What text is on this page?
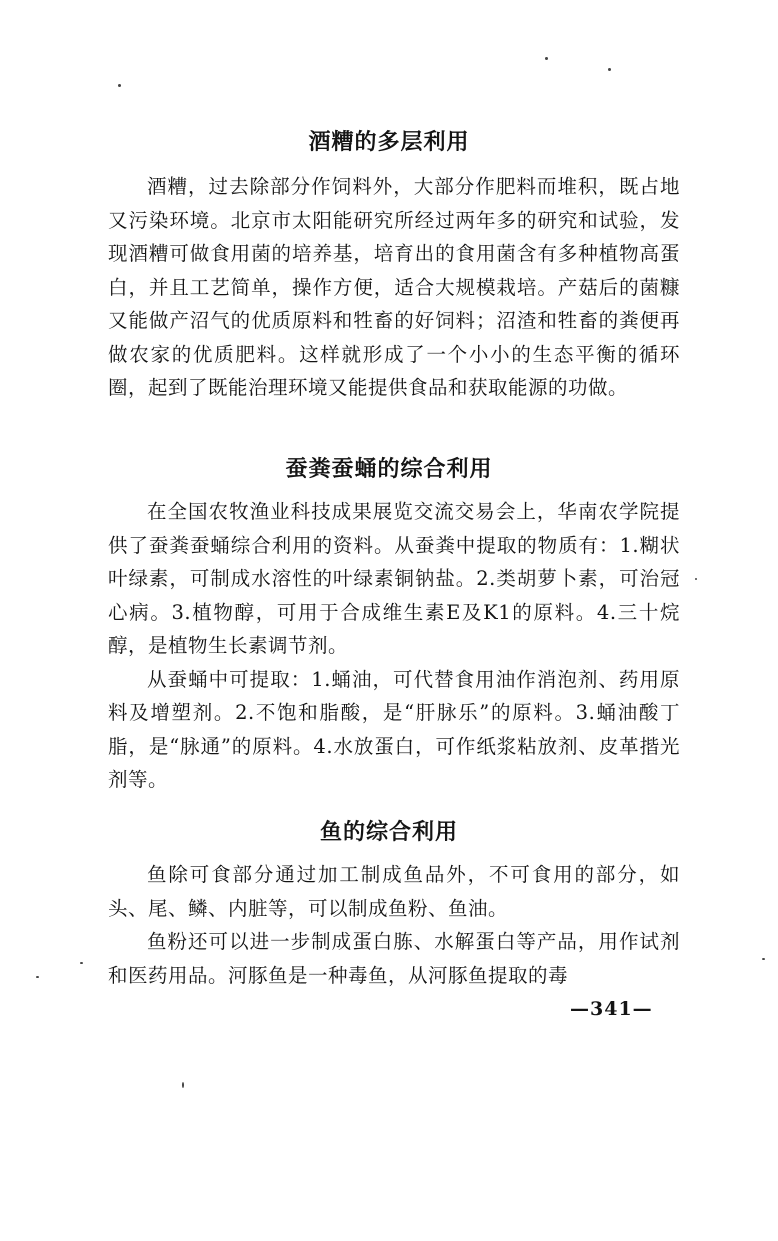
酒糟的多层利用

酒糟，过去除部分作饲料外，大部分作肥料而堆积，既占地又污染环境。北京市太阳能研究所经过两年多的研究和试验，发现酒糟可做食用菌的培养基，培育出的食用菌含有多种植物高蛋白，并且工艺简单，操作方便，适合大规模栽培。产菇后的菌糠又能做产沼气的优质原料和牲畜的好饲料；沼渣和牲畜的粪便再做农家的优质肥料。这样就形成了一个小小的生态平衡的循环圈，起到了既能治理环境又能提供食品和获取能源的功做。

蚕粪蚕蛹的综合利用

在全国农牧渔业科技成果展览交流交易会上，华南农学院提供了蚕粪蚕蛹综合利用的资料。从蚕粪中提取的物质有：1.糊状叶绿素，可制成水溶性的叶绿素铜钠盐。2.类胡萝卜素，可治冠心病。3.植物醇，可用于合成维生素E及K1的原料。4.三十烷醇，是植物生长素调节剂。

从蚕蛹中可提取：1.蛹油，可代替食用油作消泡剂、药用原料及增塑剂。2.不饱和脂酸，是“肝脉乐”的原料。3.蛹油酸丁脂，是“脉通”的原料。4.水放蛋白，可作纸浆粘放剂、皮革揩光剂等。

鱼的综合利用

鱼除可食部分通过加工制成鱼品外，不可食用的部分，如头、尾、鳞、内脏等，可以制成鱼粉、鱼油。

鱼粉还可以进一步制成蛋白胨、水解蛋白等产品，用作试剂和医药用品。河豚鱼是一种毒鱼，从河豚鱼提取的毒

—341—
